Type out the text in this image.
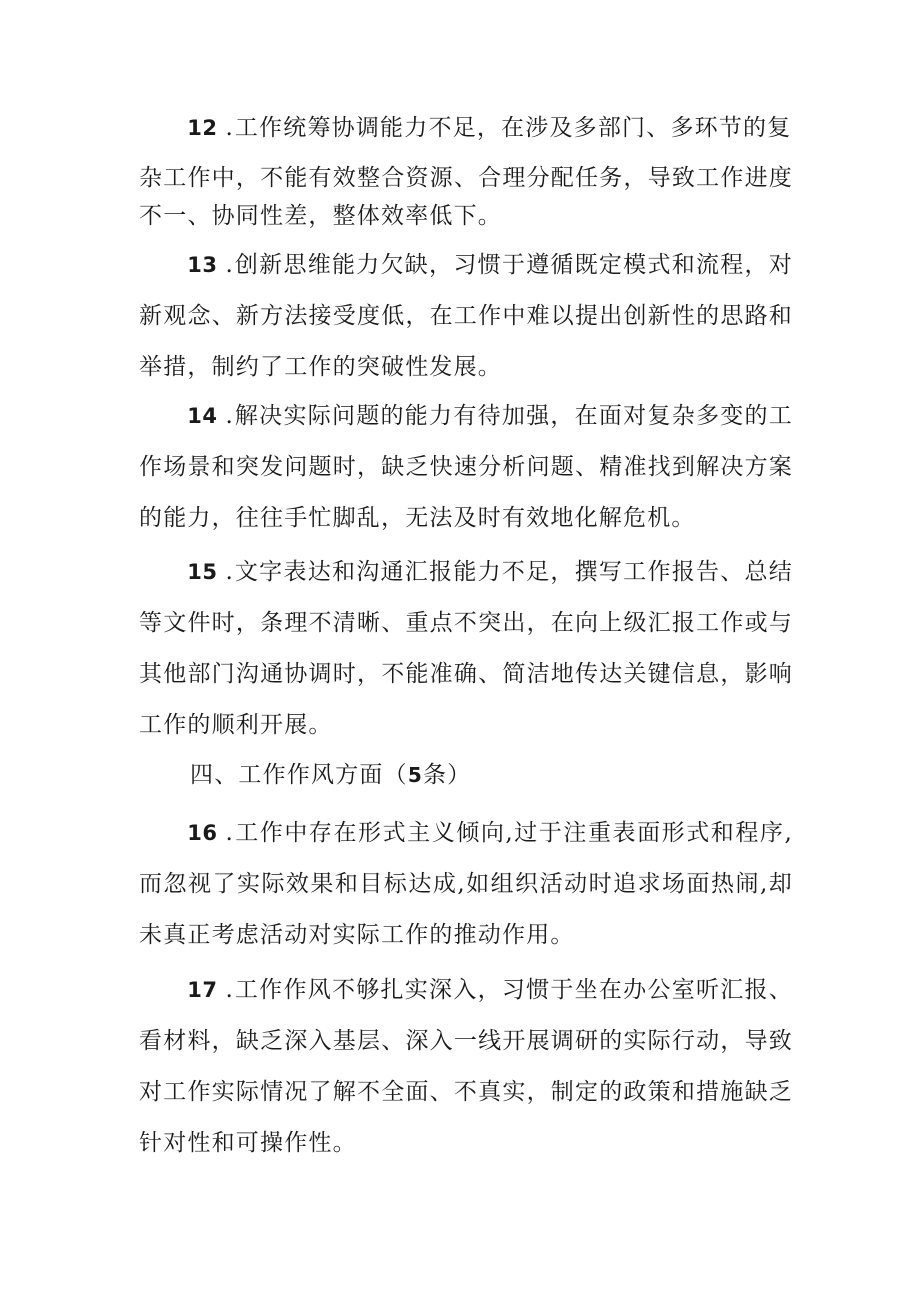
12 .工作统筹协调能力不足，在涉及多部门、多环节的复

杂工作中，不能有效整合资源、合理分配任务，导致工作进度不一、协同性差，整体效率低下。

13 .创新思维能力欠缺，习惯于遵循既定模式和流程，对新观念、新方法接受度低，在工作中难以提出创新性的思路和举措，制约了工作的突破性发展。

14 .解决实际问题的能力有待加强，在面对复杂多变的工作场景和突发问题时，缺乏快速分析问题、精准找到解决方案的能力，往往手忙脚乱，无法及时有效地化解危机。

15 .文字表达和沟通汇报能力不足，撰写工作报告、总结等文件时，条理不清晰、重点不突出，在向上级汇报工作或与其他部门沟通协调时，不能准确、简洁地传达关键信息，影响工作的顺利开展。

四、工作作风方面（5条）

16 .工作中存在形式主义倾向,过于注重表面形式和程序,而忽视了实际效果和目标达成,如组织活动时追求场面热闹,却未真正考虑活动对实际工作的推动作用。

17 .工作作风不够扎实深入，习惯于坐在办公室听汇报、看材料，缺乏深入基层、深入一线开展调研的实际行动，导致对工作实际情况了解不全面、不真实，制定的政策和措施缺乏针对性和可操作性。
